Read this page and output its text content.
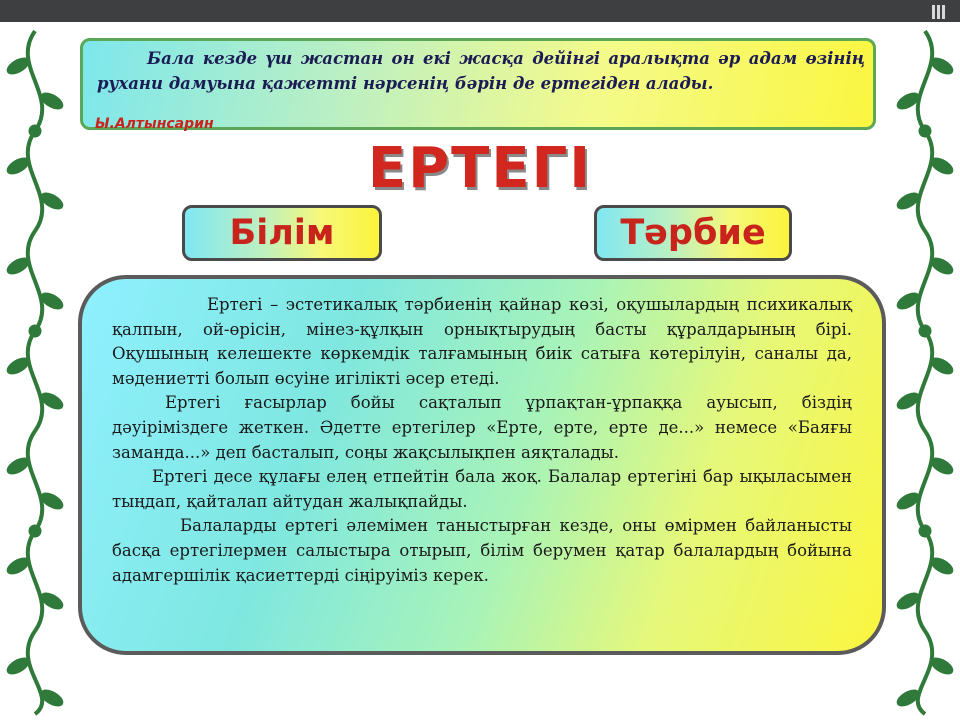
Бала кезде үш жастан он екі жасқа дейінгі аралықта әр адам өзінің рухани дамуына қажетті нәрсенің бәрін де ертегіден алады.
Ы.Алтынсарин
ЕРТЕГІ
Білім	Тәрбие

Ертегі – эстетикалық тәрбиенің қайнар көзі, оқушылардың психикалық қалпын, ой-өрісін, мінез-құлқын орнықтырудың басты құралдарының бірі. Оқушының келешекте көркемдік талғамының биік сатыға көтерілуін, саналы да, мәдениетті болып өсуіне игілікті әсер етеді.

Ертегі ғасырлар бойы сақталып ұрпақтан-ұрпаққа ауысып, біздің дәуіріміздеге жеткен. Әдетте ертегілер «Ерте, ерте, ерте де...» немесе «Баяғы заманда...» деп басталып, соңы жақсылықпен аяқталады.

Ертегі десе құлағы елең етпейтін бала жоқ. Балалар ертегіні бар ықыласымен тыңдап, қайталап айтудан жалықпайды.

Балаларды ертегі әлемімен таныстырған кезде, оны өмірмен байланысты басқа ертегілермен салыстыра отырып, білім берумен қатар балалардың бойына адамгершілік қасиеттерді сіңіруіміз керек.
